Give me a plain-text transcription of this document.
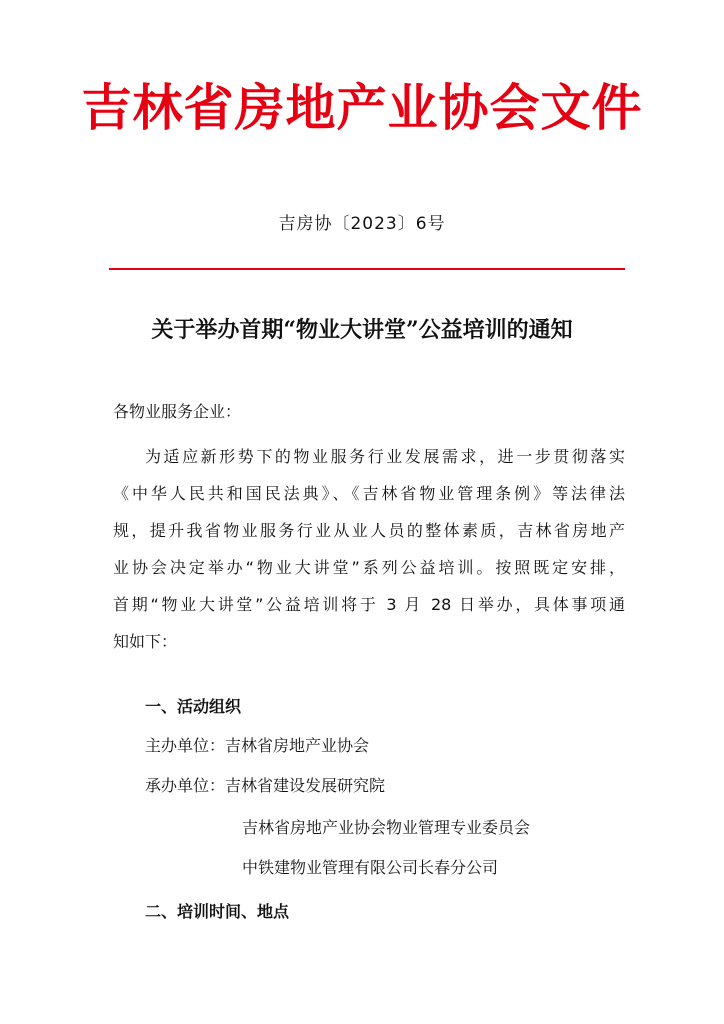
吉林省房地产业协会文件
吉房协〔2023〕6号
关于举办首期“物业大讲堂”公益培训的通知
各物业服务企业：
为适应新形势下的物业服务行业发展需求，进一步贯彻落实
《中华人民共和国民法典》、《吉林省物业管理条例》等法律法
规，提升我省物业服务行业从业人员的整体素质，吉林省房地产
业协会决定举办“物业大讲堂”系列公益培训。按照既定安排，
首期“物业大讲堂”公益培训将于 3 月 28 日举办，具体事项通
知如下：
一、活动组织
主办单位：吉林省房地产业协会
承办单位：吉林省建设发展研究院
吉林省房地产业协会物业管理专业委员会
中铁建物业管理有限公司长春分公司
二、培训时间、地点
